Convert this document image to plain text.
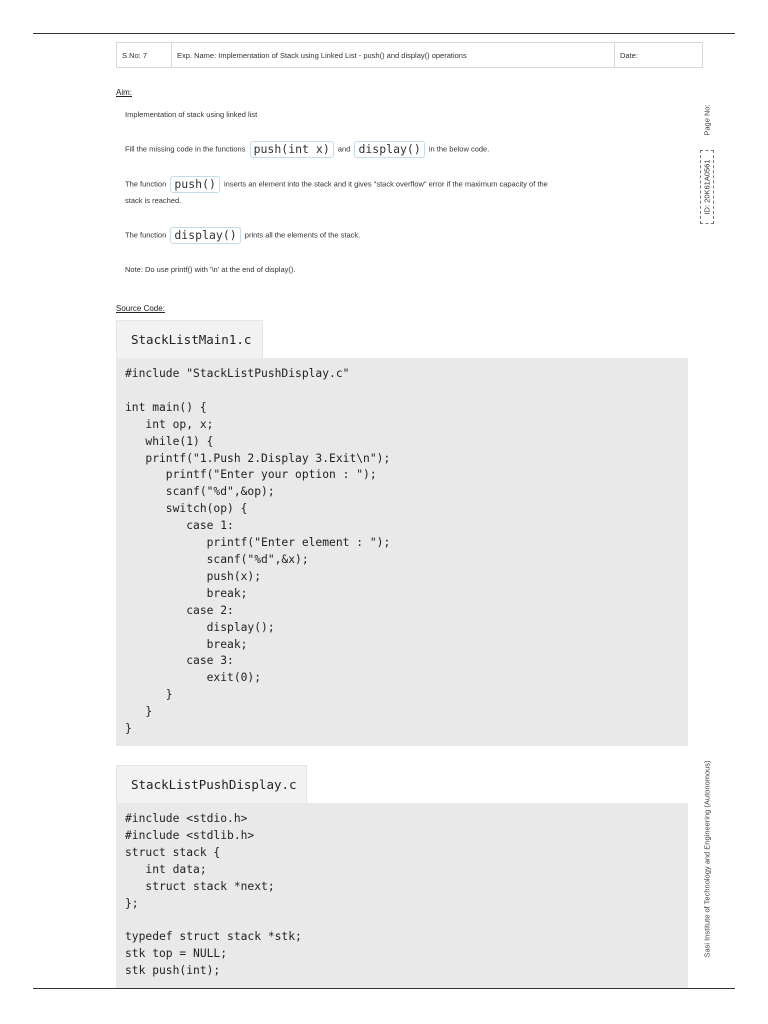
S.No: 7	Exp. Name: Implementation of Stack using Linked List - push() and display() operations	Date:
Page No:
ID: 20K61A0561
Sasi Institute of Technology and Engineering (Autonomous)
Aim:
Implementation of stack using linked list
Fill the missing code in the functions push(int x) and display() in the below code.
The function push() inserts an element into the stack and it gives "stack overflow" error if the maximum capacity of the
stack is reached.
The function display() prints all the elements of the stack.
Note: Do use printf() with '\n' at the end of display().
Source Code:
StackListMain1.c
#include "StackListPushDisplay.c"

int main() {
int op, x;
while(1) {
printf("1.Push 2.Display 3.Exit\n");
printf("Enter your option : ");
scanf("%d",&op);
switch(op) {
case 1:
printf("Enter element : ");
scanf("%d",&x);
push(x);
break;
case 2:
display();
break;
case 3:
exit(0);
}
}
}
StackListPushDisplay.c
#include <stdio.h>
#include <stdlib.h>
struct stack {
int data;
struct stack *next;
};

typedef struct stack *stk;
stk top = NULL;
stk push(int);
